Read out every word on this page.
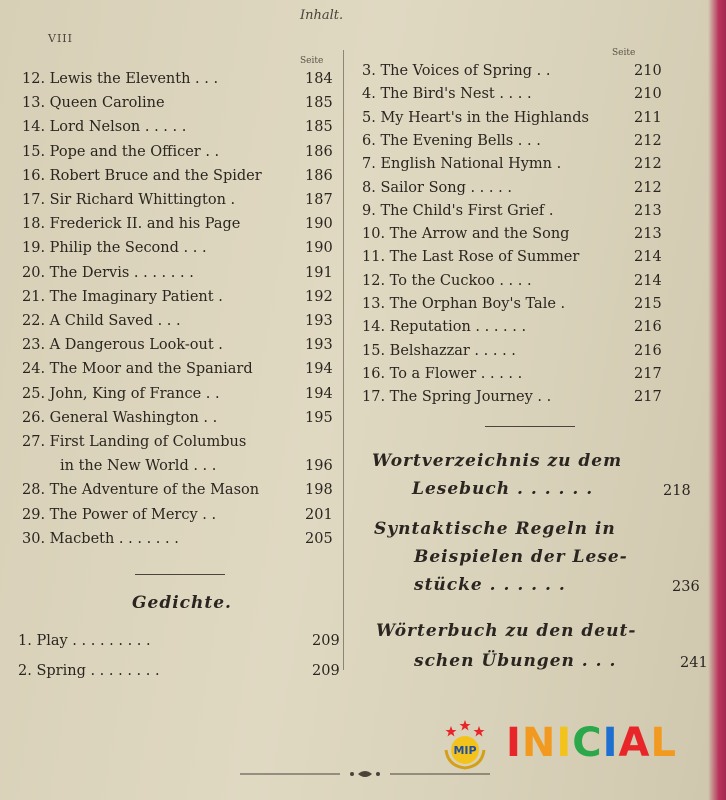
VIII
Inhalt.
Seite
Seite
12. Lewis the Eleventh . . .	184
13. Queen Caroline	185
14. Lord Nelson . . . . .	185
15. Pope and the Officer . .	186
16. Robert Bruce and the Spider	186
17. Sir Richard Whittington .	187
18. Frederick II. and his Page	190
19. Philip the Second . . .	190
20. The Dervis . . . . . . .	191
21. The Imaginary Patient .	192
22. A Child Saved . . .	193
23. A Dangerous Look-out .	193
24. The Moor and the Spaniard	194
25. John, King of France . .	194
26. General Washington . .	195
27. First Landing of Columbus
in the New World . . .	196
28. The Adventure of the Mason	198
29. The Power of Mercy . .	201
30. Macbeth . . . . . . .	205
Gedichte.
1. Play . . . . . . . . .	209
2. Spring . . . . . . . .	209
3. The Voices of Spring . .	210
4. The Bird's Nest . . . .	210
5. My Heart's in the Highlands	211
6. The Evening Bells . . .	212
7. English National Hymn .	212
8. Sailor Song . . . . .	212
9. The Child's First Grief .	213
10. The Arrow and the Song	213
11. The Last Rose of Summer	214
12. To the Cuckoo . . . .	214
13. The Orphan Boy's Tale .	215
14. Reputation . . . . . .	216
15. Belshazzar . . . . .	216
16. To a Flower . . . . .	217
17. The Spring Journey . .	217
Wortverzeichnis zu dem
Lesebuch . . . . . .	218
Syntaktische Regeln in
Beispielen der Lese-
stücke . . . . . .	236
Wörterbuch zu den deut-
schen Übungen . . .	241
MIP INICIAL
